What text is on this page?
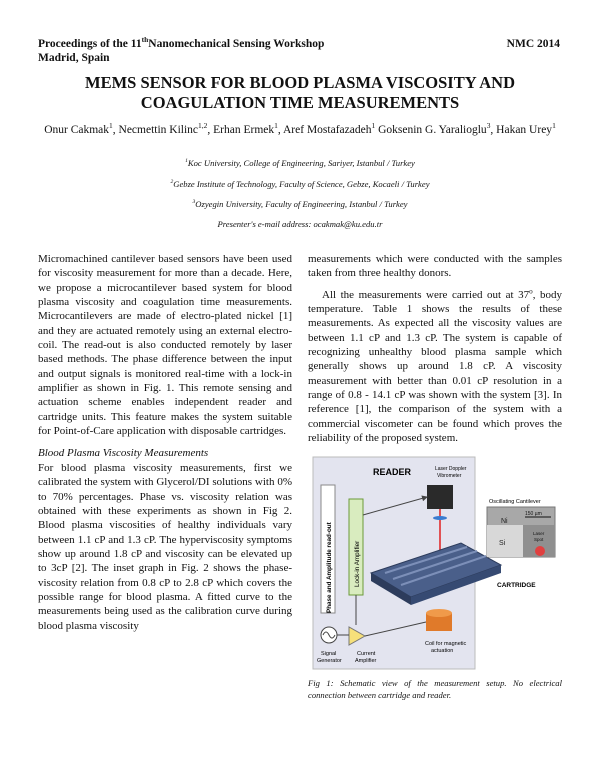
Proceedings of the 11thNanomechanical Sensing Workshop
Madrid, Spain
NMC 2014
MEMS SENSOR FOR BLOOD PLASMA VISCOSITY AND
COAGULATION TIME MEASUREMENTS
Onur Cakmak$^1$, Necmettin Kilinc$^{1,2}$, Erhan Ermek$^1$, Aref Mostafazadeh$^1$ Goksenin G. Yaralioglu$^3$, Hakan Urey$^1$
$^1$Koc University, College of Engineering, Sariyer, Istanbul / Turkey
$^2$Gebze Institute of Technology, Faculty of Science, Gebze, Kocaeli / Turkey
$^3$Ozyegin University, Faculty of Engineering, Istanbul / Turkey
Presenter's e-mail address: ocakmak@ku.edu.tr

Micromachined cantilever based sensors have been used for viscosity measurement for more than a decade. Here, we propose a microcantilever based system for blood plasma viscosity and coagulation time measurements. Microcantilevers are made of electro-plated nickel [1] and they are actuated remotely using an external electro-coil. The read-out is also conducted remotely by laser based methods. The phase difference between the input and output signals is monitored real-time with a lock-in amplifier as shown in Fig. 1. This remote sensing and actuation scheme enables independent reader and cartridge units. This feature makes the system suitable for Point-of-Care application with disposable cartridges.

Blood Plasma Viscosity Measurements

For blood plasma viscosity measurements, first we calibrated the system with Glycerol/DI solutions with 0% to 70% percentages. Phase vs. viscosity relation was obtained with these experiments as shown in Fig 2. Blood plasma viscosities of healthy individuals vary between 1.1 cP and 1.3 cP. The hyperviscosity symptoms show up around 1.8 cP and viscosity can be elevated up to 3cP [2]. The inset graph in Fig. 2 shows the phase-viscosity relation from 0.8 cP to 2.8 cP which covers the possible range for blood plasma. A fitted curve to the measurements being used as the calibration curve during blood plasma viscosity

measurements which were conducted with the samples taken from three healthy donors.

All the measurements were carried out at 37$^o$, body temperature. Table 1 shows the results of these measurements. As expected all the viscosity values are between 1.1 cP and 1.3 cP. The system is capable of recognizing unhealthy blood plasma sample which generally shows up around 1.8 cP. A viscosity measurement with better than 0.01 cP resolution in a range of 0.8 - 14.1 cP was shown with the system [3]. In reference [1], the comparison of the system with a commercial viscometer can be found which proves the reliability of the proposed system.

READER	Laser Doppler
Vibrometer
Phase and Amplitude read-out	Lock-in Amplifier
Coil for magnetic
actuation
Signal
Generator
Current
Amplifier
Oscillating Cantilever
150 µm
Ni
Si
Laser
Spot
CARTRIDGE

Fig 1: Schematic view of the measurement setup. No electrical connection between cartridge and reader.
